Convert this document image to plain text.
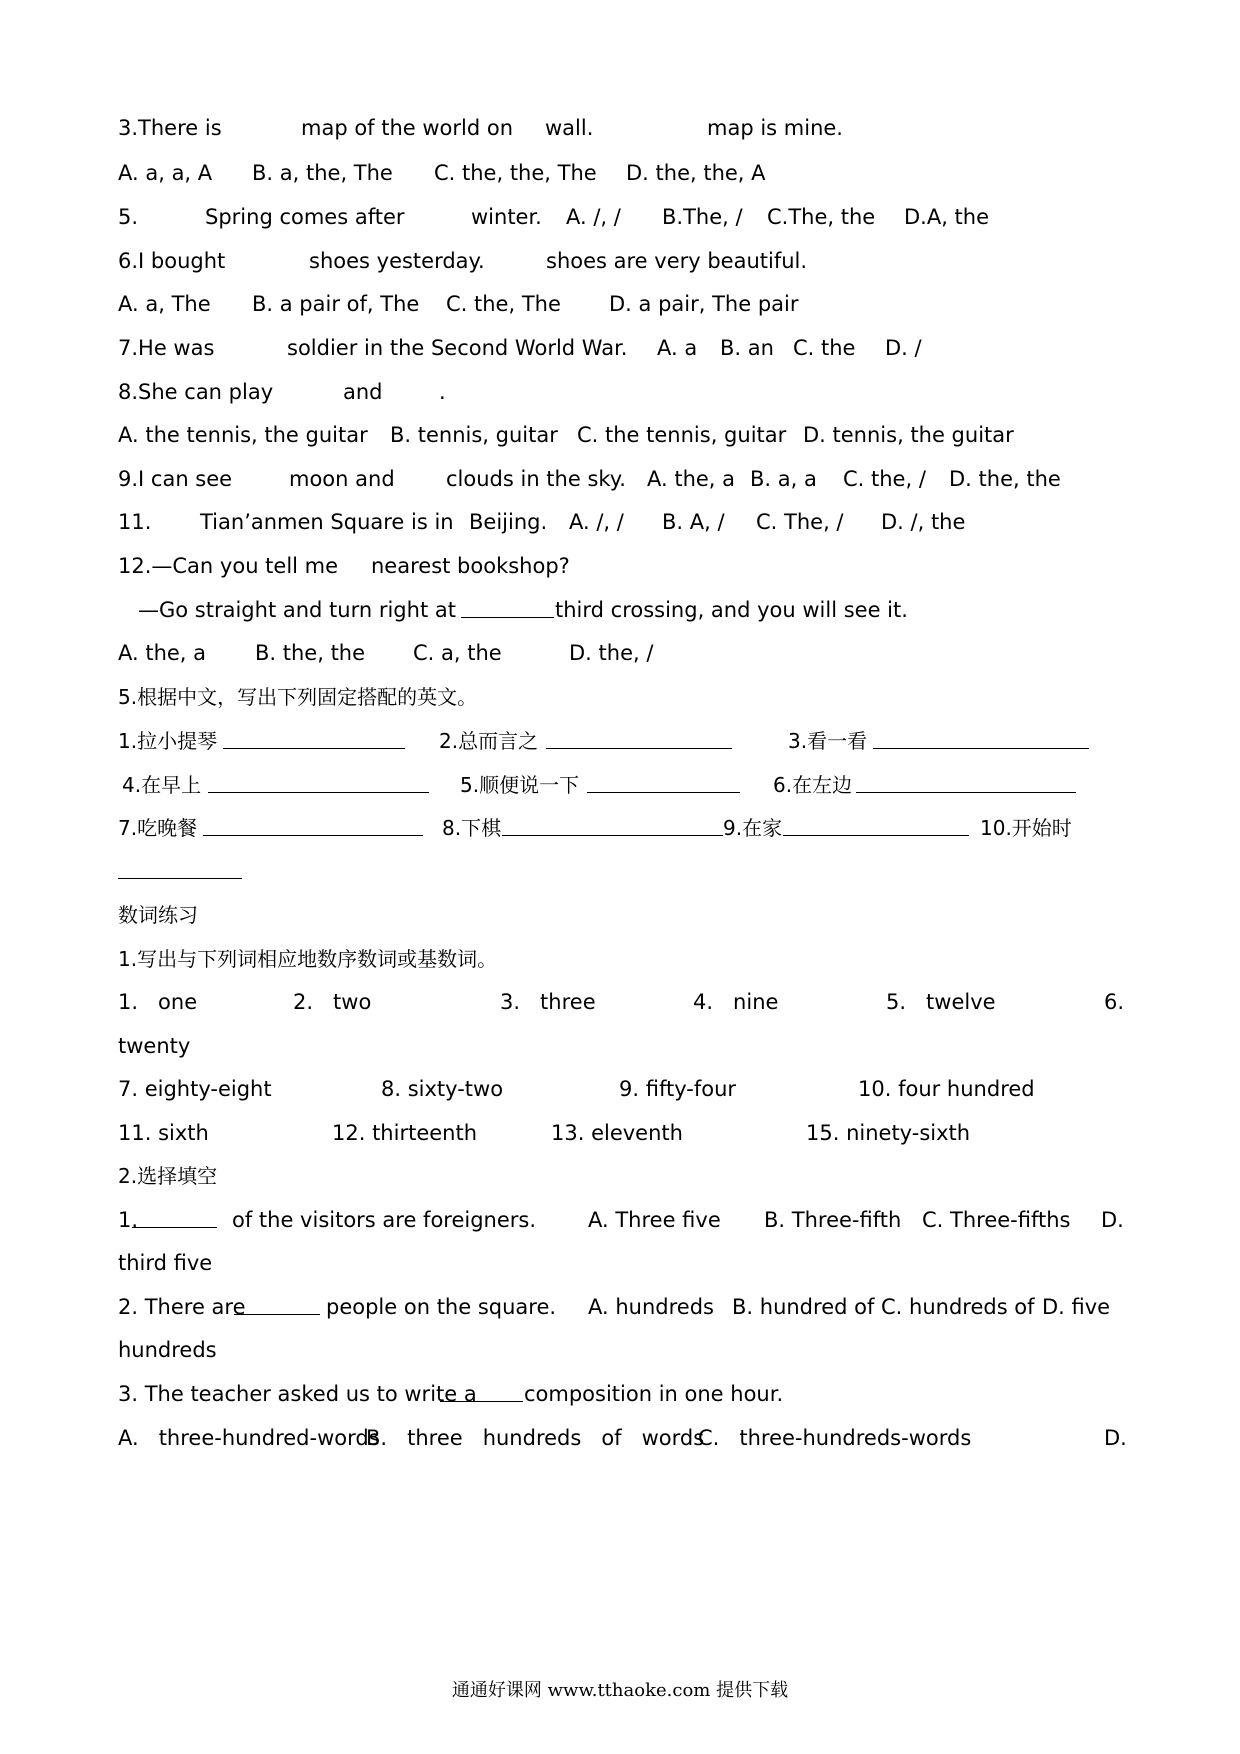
3.There is	map of the world on wall.	map is mine.
A. a, a, A B. a, the, The C. the, the, The D. the, the, A
5.	Spring comes after	winter. A. /, / B.The, / C.The, the D.A, the
6.I bought	shoes yesterday.	shoes are very beautiful.
A. a, The B. a pair of, The C. the, The D. a pair, The pair
7.He was	soldier in the Second World War. A. a B. an C. the D. /
8.She can play	and	.
A. the tennis, the guitar B. tennis, guitar C. the tennis, guitar D. tennis, the guitar
9.I can see	moon and clouds in the sky. A. the, a B. a, a C. the, / D. the, the
11. Tian’anmen Square is in Beijing. A. /, / B. A, / C. The, / D. /, the
12.—Can you tell me nearest bookshop?
—Go straight and turn right at	third crossing, and you will see it.
A. the, a B. the, the C. a, the	D. the, /
5.根据中文，写出下列固定搭配的英文。
1.拉小提琴	2.总而言之	3.看一看
4.在早上	5.顺便说一下	6.在左边
7.吃晚餐	8.下棋	9.在家	10.开始时
数词练习
1.写出与下列词相应地数序数词或基数词。
1.   one	2.   two	3.   three	4.   nine	5.   twelve	6.
twenty
7. eighty-eight	8. sixty-two	9. fifty-four	10. four hundred
11. sixth	12. thirteenth	13. eleventh	15. ninety-sixth
2.选择填空
1.	of the visitors are foreigners. A. Three five B. Three-fifth C. Three-fifths D.
third five
2. There are	people on the square. A. hundreds B. hundred of C. hundreds of D. five
hundreds
3. The teacher asked us to write a composition in one hour.
A.   three-hundred-words
B.   three   hundreds   of   words
C.   three-hundreds-words	D.
通通好课网 www.tthaoke.com 提供下载
